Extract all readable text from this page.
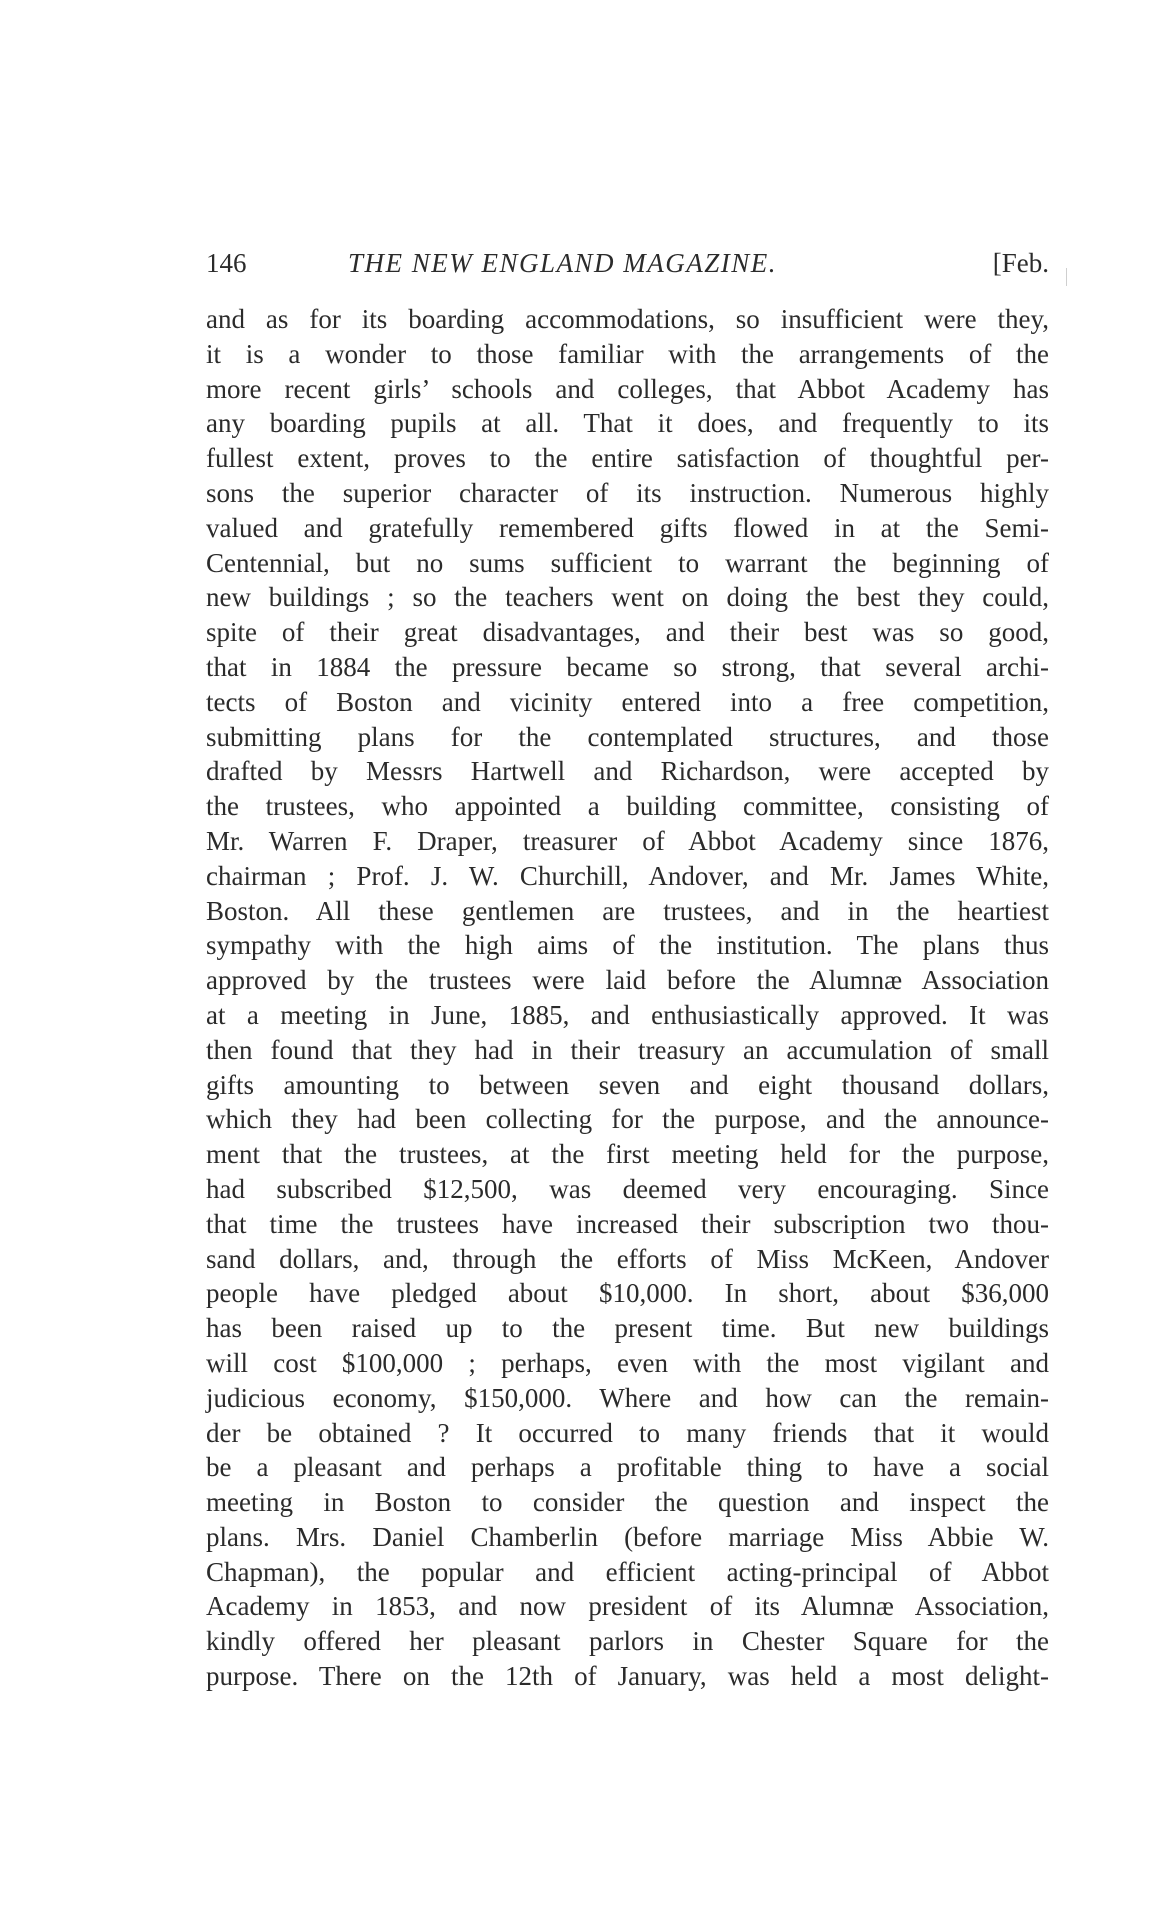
146	THE NEW ENGLAND MAGAZINE.	[Feb.
and as for its boarding accommodations, so insufficient were they,
it is a wonder to those familiar with the arrangements of the
more recent girls’ schools and colleges, that Abbot Academy has
any boarding pupils at all. That it does, and frequently to its
fullest extent, proves to the entire satisfaction of thoughtful per-
sons the superior character of its instruction. Numerous highly
valued and gratefully remembered gifts flowed in at the Semi-
Centennial, but no sums sufficient to warrant the beginning of
new buildings ; so the teachers went on doing the best they could,
spite of their great disadvantages, and their best was so good,
that in 1884 the pressure became so strong, that several archi-
tects of Boston and vicinity entered into a free competition,
submitting plans for the contemplated structures, and those
drafted by Messrs Hartwell and Richardson, were accepted by
the trustees, who appointed a building committee, consisting of
Mr. Warren F. Draper, treasurer of Abbot Academy since 1876,
chairman ; Prof. J. W. Churchill, Andover, and Mr. James White,
Boston. All these gentlemen are trustees, and in the heartiest
sympathy with the high aims of the institution. The plans thus
approved by the trustees were laid before the Alumnæ Association
at a meeting in June, 1885, and enthusiastically approved. It was
then found that they had in their treasury an accumulation of small
gifts amounting to between seven and eight thousand dollars,
which they had been collecting for the purpose, and the announce-
ment that the trustees, at the first meeting held for the purpose,
had subscribed $12,500, was deemed very encouraging. Since
that time the trustees have increased their subscription two thou-
sand dollars, and, through the efforts of Miss McKeen, Andover
people have pledged about $10,000. In short, about $36,000
has been raised up to the present time. But new buildings
will cost $100,000 ; perhaps, even with the most vigilant and
judicious economy, $150,000. Where and how can the remain-
der be obtained ? It occurred to many friends that it would
be a pleasant and perhaps a profitable thing to have a social
meeting in Boston to consider the question and inspect the
plans. Mrs. Daniel Chamberlin (before marriage Miss Abbie W.
Chapman), the popular and efficient acting-principal of Abbot
Academy in 1853, and now president of its Alumnæ Association,
kindly offered her pleasant parlors in Chester Square for the
purpose. There on the 12th of January, was held a most delight-
